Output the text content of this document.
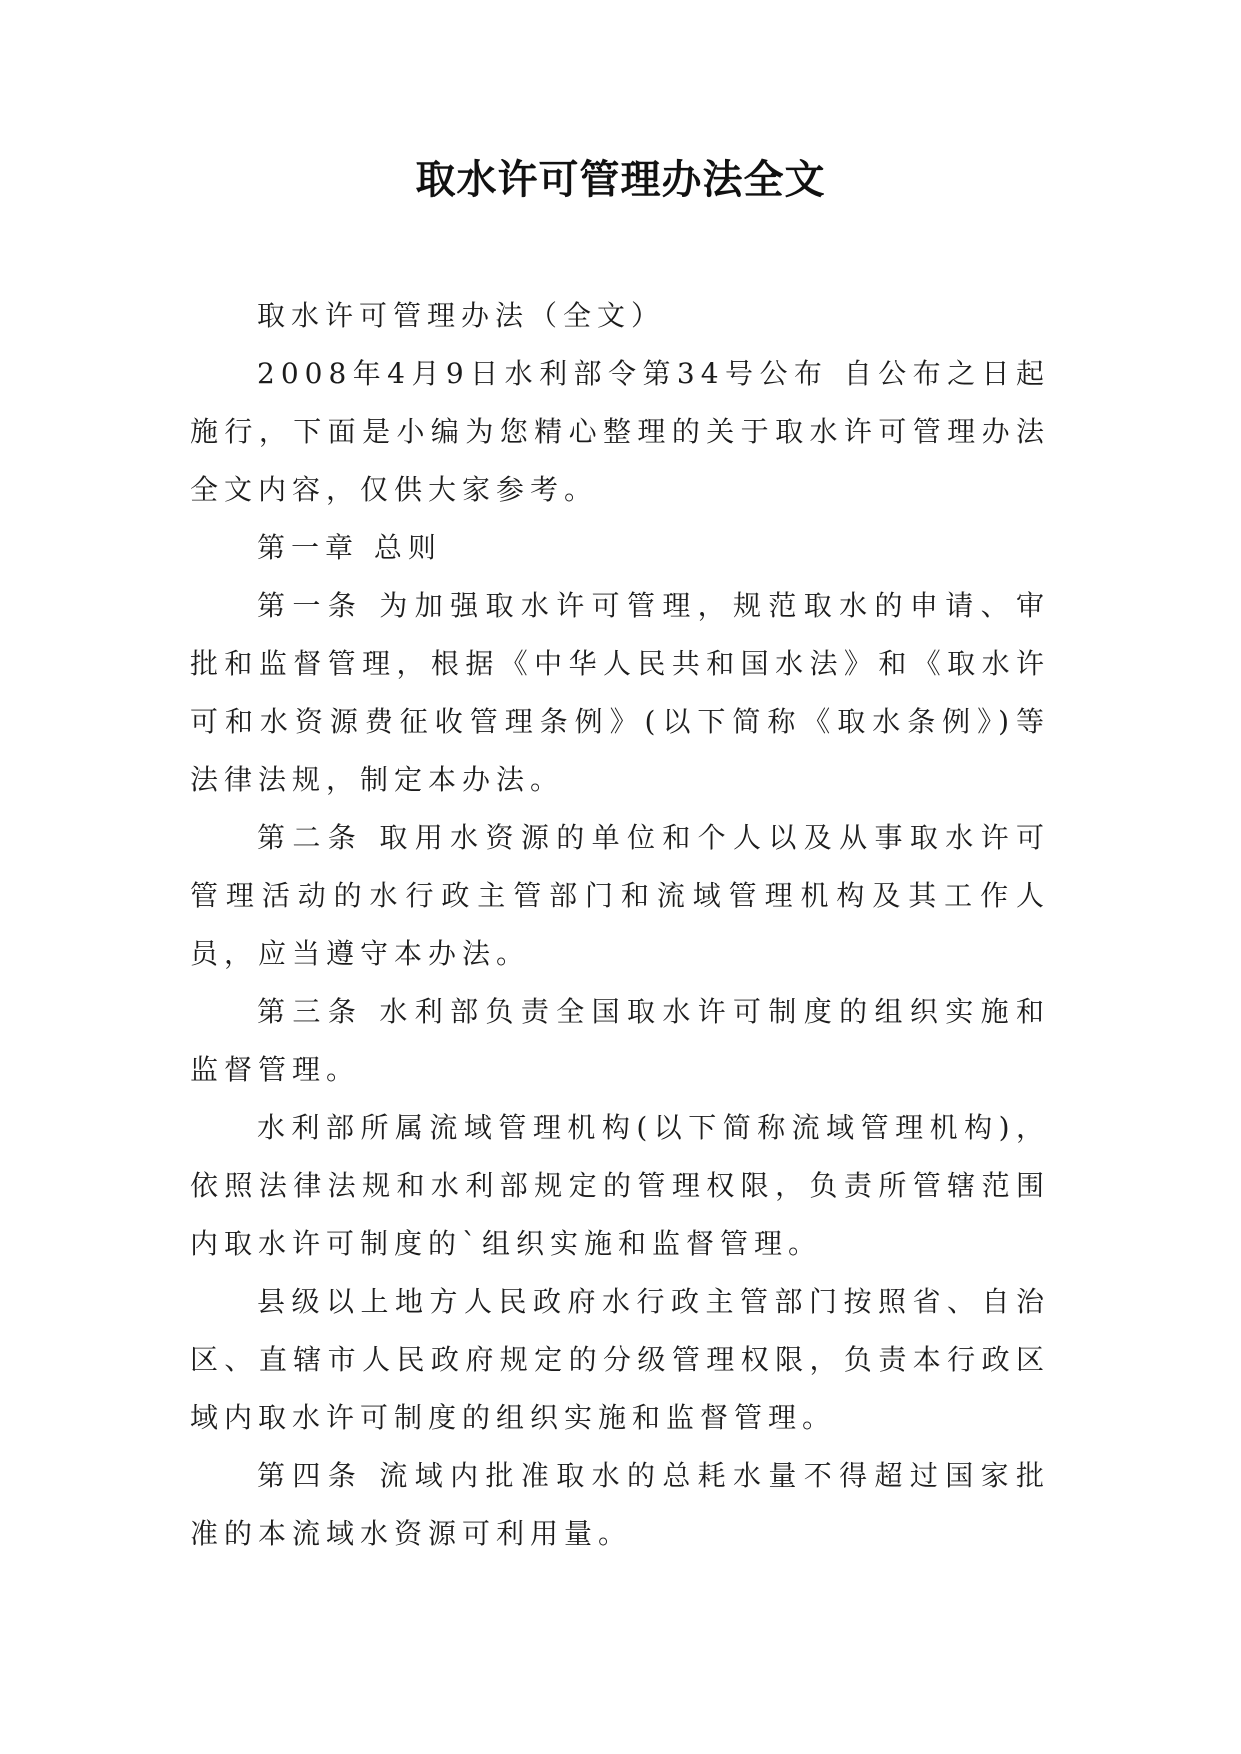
取水许可管理办法全文

取水许可管理办法（全文）

2008年4月9日水利部令第34号公布 自公布之日起施行，下面是小编为您精心整理的关于取水许可管理办法全文内容，仅供大家参考。

第一章 总则

第一条 为加强取水许可管理，规范取水的申请、审批和监督管理，根据《中华人民共和国水法》和《取水许可和水资源费征收管理条例》(以下简称《取水条例》)等法律法规，制定本办法。

第二条 取用水资源的单位和个人以及从事取水许可管理活动的水行政主管部门和流域管理机构及其工作人员，应当遵守本办法。

第三条 水利部负责全国取水许可制度的组织实施和监督管理。

水利部所属流域管理机构(以下简称流域管理机构)，依照法律法规和水利部规定的管理权限，负责所管辖范围内取水许可制度的`组织实施和监督管理。

县级以上地方人民政府水行政主管部门按照省、自治区、直辖市人民政府规定的分级管理权限，负责本行政区域内取水许可制度的组织实施和监督管理。

第四条 流域内批准取水的总耗水量不得超过国家批准的本流域水资源可利用量。
